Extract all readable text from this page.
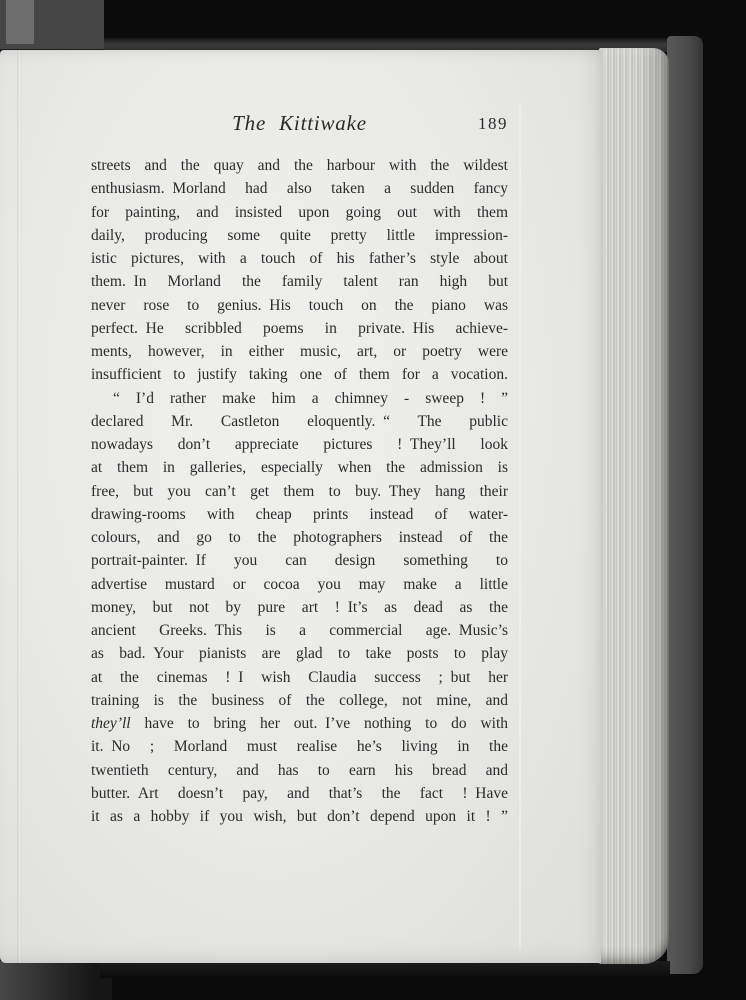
The Kittiwake	189
streets and the quay and the harbour with the wildest
enthusiasm. Morland had also taken a sudden fancy
for painting, and insisted upon going out with them
daily, producing some quite pretty little impression-
istic pictures, with a touch of his father’s style about
them. In Morland the family talent ran high but
never rose to genius. His touch on the piano was
perfect. He scribbled poems in private. His achieve-
ments, however, in either music, art, or poetry were
insufficient to justify taking one of them for a vocation.
“ I’d rather make him a chimney - sweep ! ”
declared Mr. Castleton eloquently. “ The public
nowadays don’t appreciate pictures ! They’ll look
at them in galleries, especially when the admission is
free, but you can’t get them to buy. They hang their
drawing-rooms with cheap prints instead of water-
colours, and go to the photographers instead of the
portrait-painter. If you can design something to
advertise mustard or cocoa you may make a little
money, but not by pure art ! It’s as dead as the
ancient Greeks. This is a commercial age. Music’s
as bad. Your pianists are glad to take posts to play
at the cinemas ! I wish Claudia success ; but her
training is the business of the college, not mine, and
they’ll have to bring her out. I’ve nothing to do with
it. No ; Morland must realise he’s living in the
twentieth century, and has to earn his bread and
butter. Art doesn’t pay, and that’s the fact ! Have
it as a hobby if you wish, but don’t depend upon it ! ”
